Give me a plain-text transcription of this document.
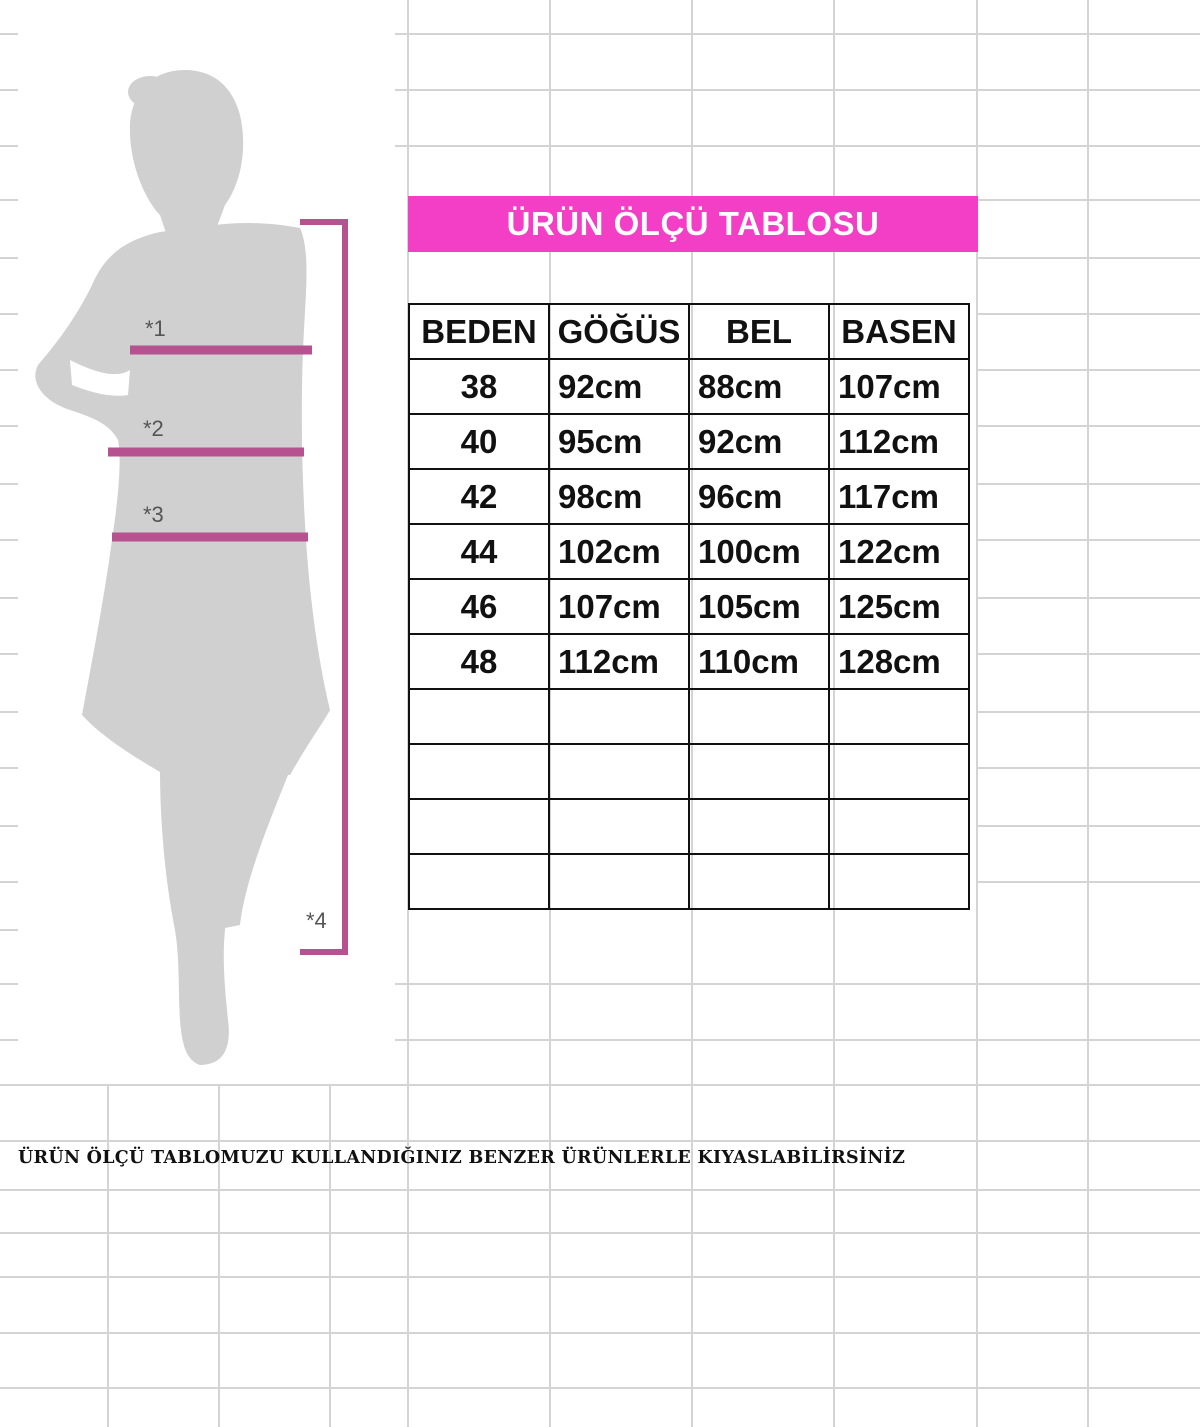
*1
*2
*3
*4
ÜRÜN ÖLÇÜ TABLOSU
BEDEN	GÖĞÜS	BEL	BASEN
38	92cm	88cm	107cm
40	95cm	92cm	112cm
42	98cm	96cm	117cm
44	102cm	100cm	122cm
46	107cm	105cm	125cm
48	112cm	110cm	128cm

ÜRÜN ÖLÇÜ TABLOMUZU KULLANDIĞINIZ BENZER ÜRÜNLERLE KIYASLABİLİRSİNİZ
